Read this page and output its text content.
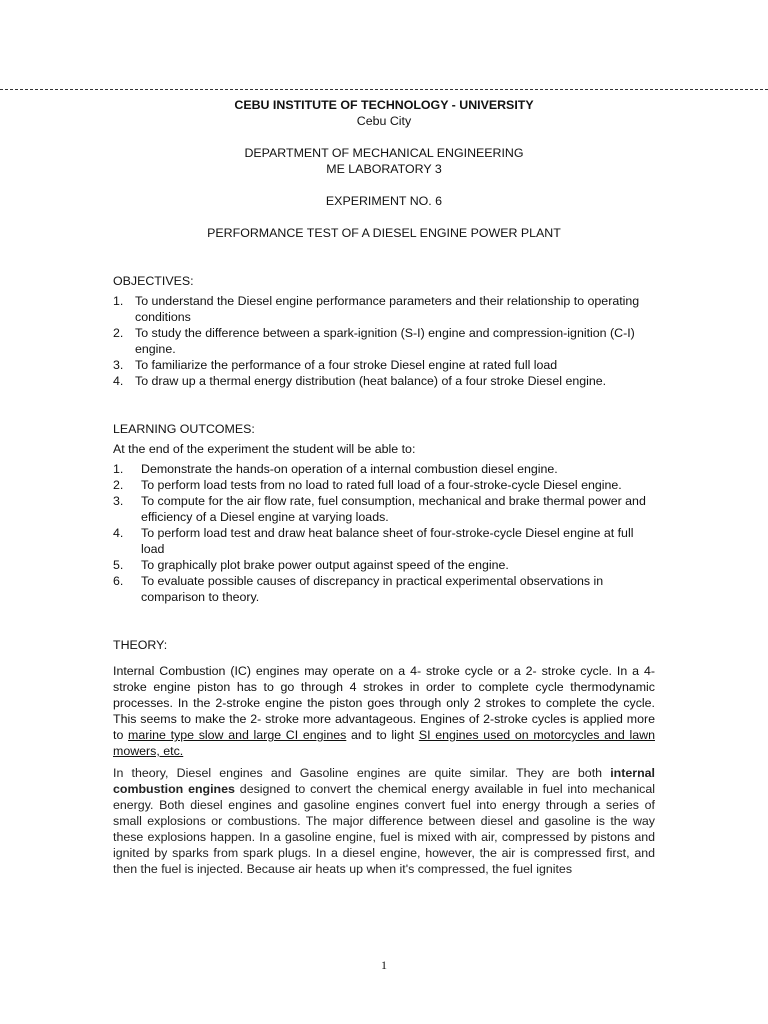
CEBU INSTITUTE OF TECHNOLOGY - UNIVERSITY

Cebu City

DEPARTMENT OF MECHANICAL ENGINEERING

ME LABORATORY 3

EXPERIMENT NO. 6

PERFORMANCE TEST OF A DIESEL ENGINE POWER PLANT

OBJECTIVES:

1. To understand the Diesel engine performance parameters and their relationship to operating conditions
2. To study the difference between a spark-ignition (S-I) engine and compression-ignition (C-I) engine.
3. To familiarize the performance of a four stroke Diesel engine at rated full load
4. To draw up a thermal energy distribution (heat balance) of a four stroke Diesel engine.

LEARNING OUTCOMES:

At the end of the experiment the student will be able to:

1.	Demonstrate the hands-on operation of a internal combustion diesel engine.
2.	To perform load tests from no load to rated full load of a four-stroke-cycle Diesel engine.
3.	To compute for the air flow rate, fuel consumption, mechanical and brake thermal power and efficiency of a Diesel engine at varying loads.
4.	To perform load test and draw heat balance sheet of four-stroke-cycle Diesel engine at full load
5.	To graphically plot brake power output against speed of the engine.
6.	To evaluate possible causes of discrepancy in practical experimental observations in comparison to theory.

THEORY:

Internal Combustion (IC) engines may operate on a 4- stroke cycle or a 2- stroke cycle. In a 4-stroke engine piston has to go through 4 strokes in order to complete cycle thermodynamic processes. In the 2-stroke engine the piston goes through only 2 strokes to complete the cycle. This seems to make the 2- stroke more advantageous. Engines of 2-stroke cycles is applied more to marine type slow and large CI engines and to light SI engines used on motorcycles and lawn mowers, etc.

In theory, Diesel engines and Gasoline engines are quite similar. They are both internal combustion engines designed to convert the chemical energy available in fuel into mechanical energy. Both diesel engines and gasoline engines convert fuel into energy through a series of small explosions or combustions. The major difference between diesel and gasoline is the way these explosions happen. In a gasoline engine, fuel is mixed with air, compressed by pistons and ignited by sparks from spark plugs. In a diesel engine, however, the air is compressed first, and then the fuel is injected. Because air heats up when it's compressed, the fuel ignites

1
